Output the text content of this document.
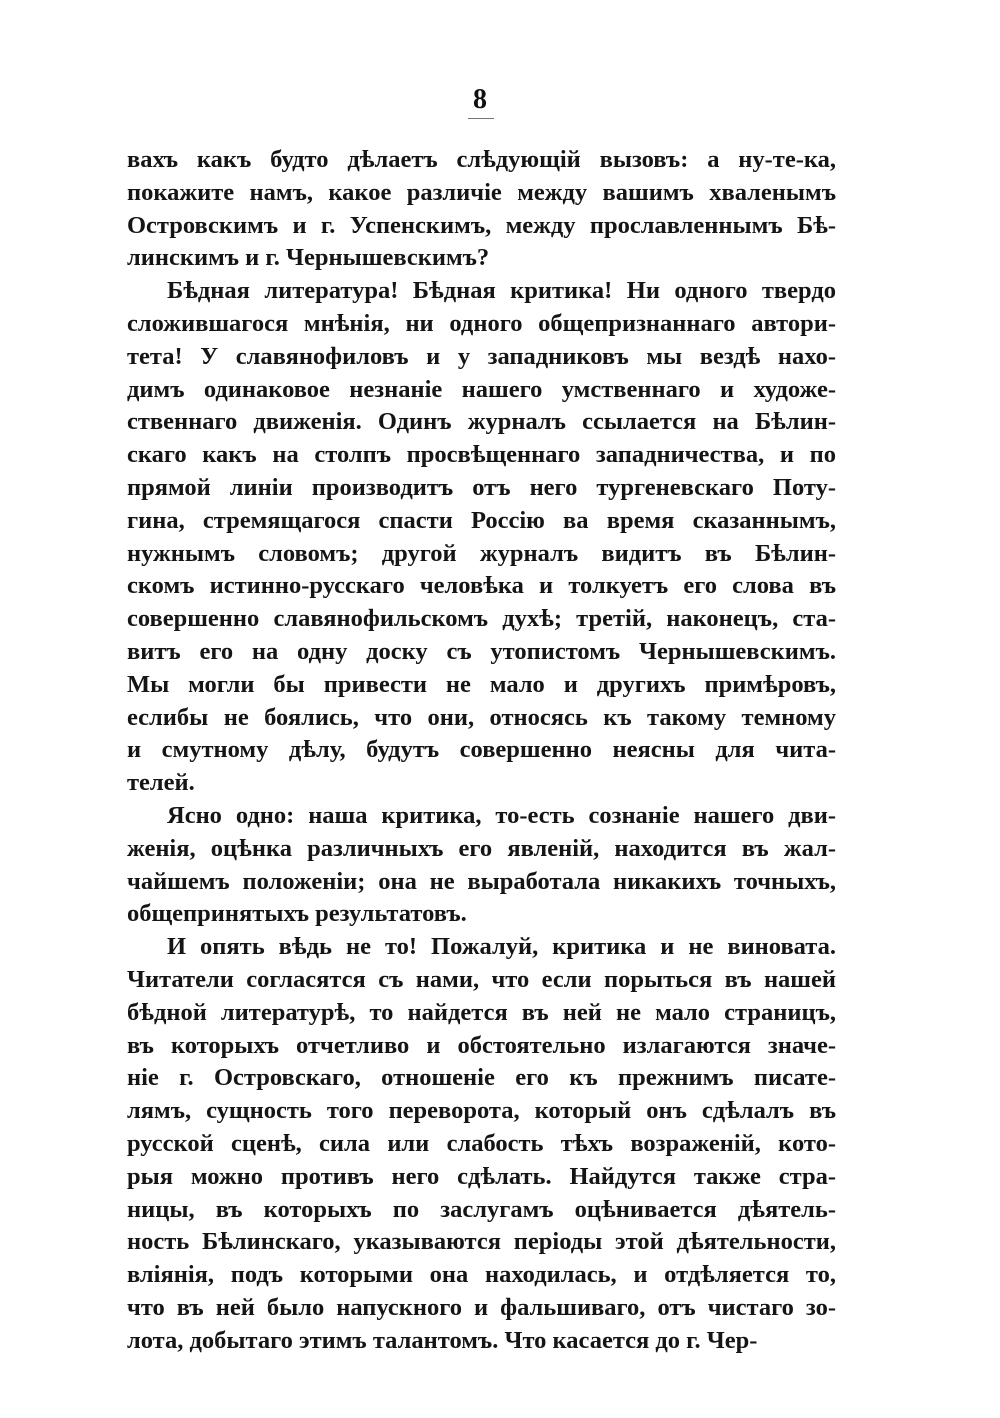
8
вахъ какъ будто дѣлаетъ слѣдующій вызовъ: а ну-те-ка,
покажите намъ, какое различіе между вашимъ хваленымъ
Островскимъ и г. Успенскимъ, между прославленнымъ Бѣ-
линскимъ и г. Чернышевскимъ?
Бѣдная литература! Бѣдная критика! Ни одного твердо
сложившагося мнѣнія, ни одного общепризнаннаго автори-
тета! У славянофиловъ и у западниковъ мы вездѣ нахо-
димъ одинаковое незнаніе нашего умственнаго и художе-
ственнаго движенія. Одинъ журналъ ссылается на Бѣлин-
скаго какъ на столпъ просвѣщеннаго западничества, и по
прямой линіи производитъ отъ него тургеневскаго Поту-
гина, стремящагося спасти Россію ва время сказаннымъ,
нужнымъ словомъ; другой журналъ видитъ въ Бѣлин-
скомъ истинно-русскаго человѣка и толкуетъ его слова въ
совершенно славянофильскомъ духѣ; третій, наконецъ, ста-
витъ его на одну доску съ утопистомъ Чернышевскимъ.
Мы могли бы привести не мало и другихъ примѣровъ,
еслибы не боялись, что они, относясь къ такому темному
и смутному дѣлу, будутъ совершенно неясны для чита-
телей.
Ясно одно: наша критика, то-есть сознаніе нашего дви-
женія, оцѣнка различныхъ его явленій, находится въ жал-
чайшемъ положеніи; она не выработала никакихъ точныхъ,
общепринятыхъ результатовъ.
И опять вѣдь не то! Пожалуй, критика и не виновата.
Читатели согласятся съ нами, что если порыться въ нашей
бѣдной литературѣ, то найдется въ ней не мало страницъ,
въ которыхъ отчетливо и обстоятельно излагаются значе-
ніе г. Островскаго, отношеніе его къ прежнимъ писате-
лямъ, сущность того переворота, который онъ сдѣлалъ въ
русской сценѣ, сила или слабость тѣхъ возраженій, кото-
рыя можно противъ него сдѣлать. Найдутся также стра-
ницы, въ которыхъ по заслугамъ оцѣнивается дѣятель-
ность Бѣлинскаго, указываются періоды этой дѣятельности,
вліянія, подъ которыми она находилась, и отдѣляется то,
что въ ней было напускного и фальшиваго, отъ чистаго зо-
лота, добытаго этимъ талантомъ. Что касается до г. Чер-
